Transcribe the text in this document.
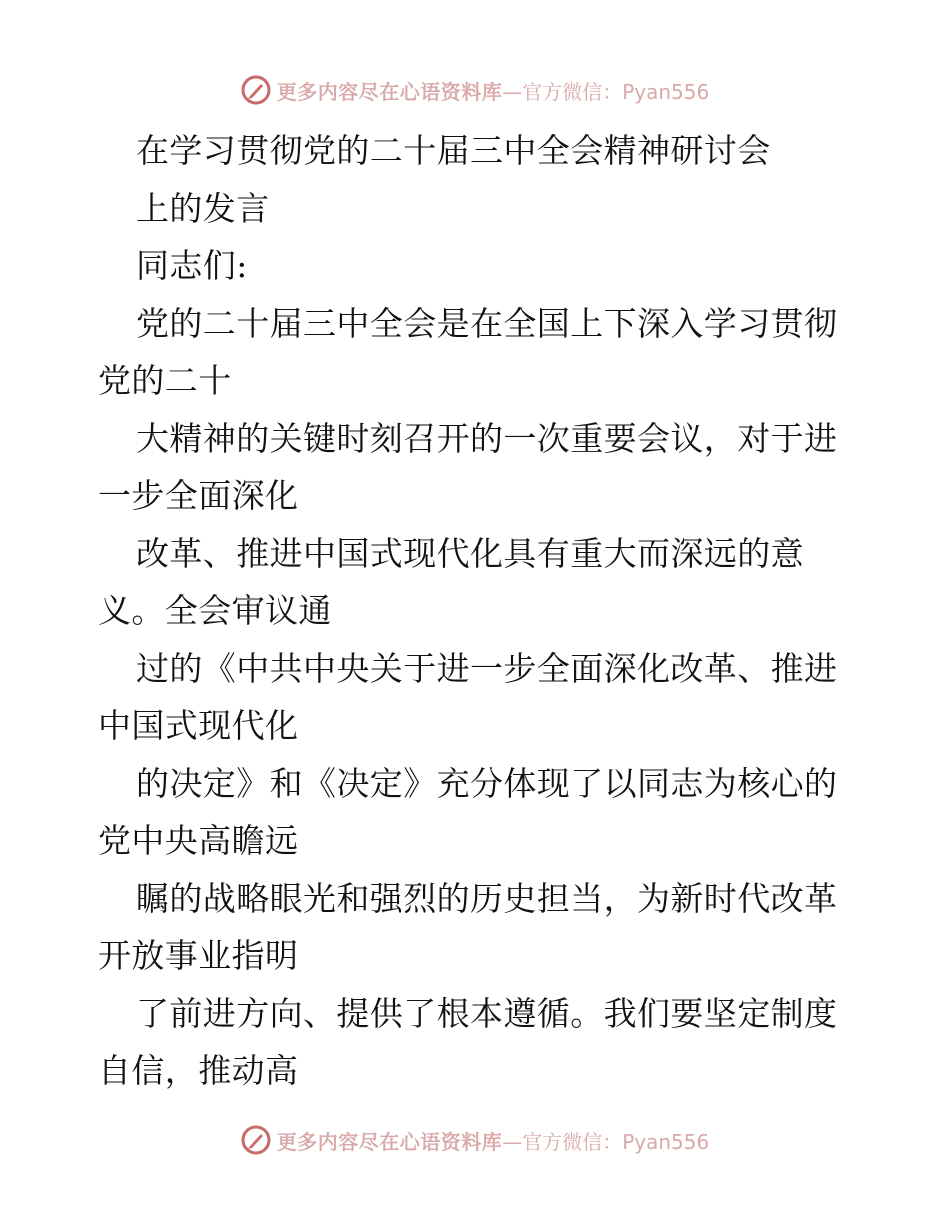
更多内容尽在心语资料库 —官方微信：Pyan556
在学习贯彻党的二十届三中全会精神研讨会
上的发言
同志们:
党的二十届三中全会是在全国上下深入学习贯彻
党的二十
大精神的关键时刻召开的一次重要会议，对于进
一步全面深化
改革、推进中国式现代化具有重大而深远的意
义。全会审议通
过的《中共中央关于进一步全面深化改革、推进
中国式现代化
的决定》和《决定》充分体现了以同志为核心的
党中央高瞻远
瞩的战略眼光和强烈的历史担当，为新时代改革
开放事业指明
了前进方向、提供了根本遵循。我们要坚定制度
自信，推动高
更多内容尽在心语资料库 —官方微信：Pyan556
